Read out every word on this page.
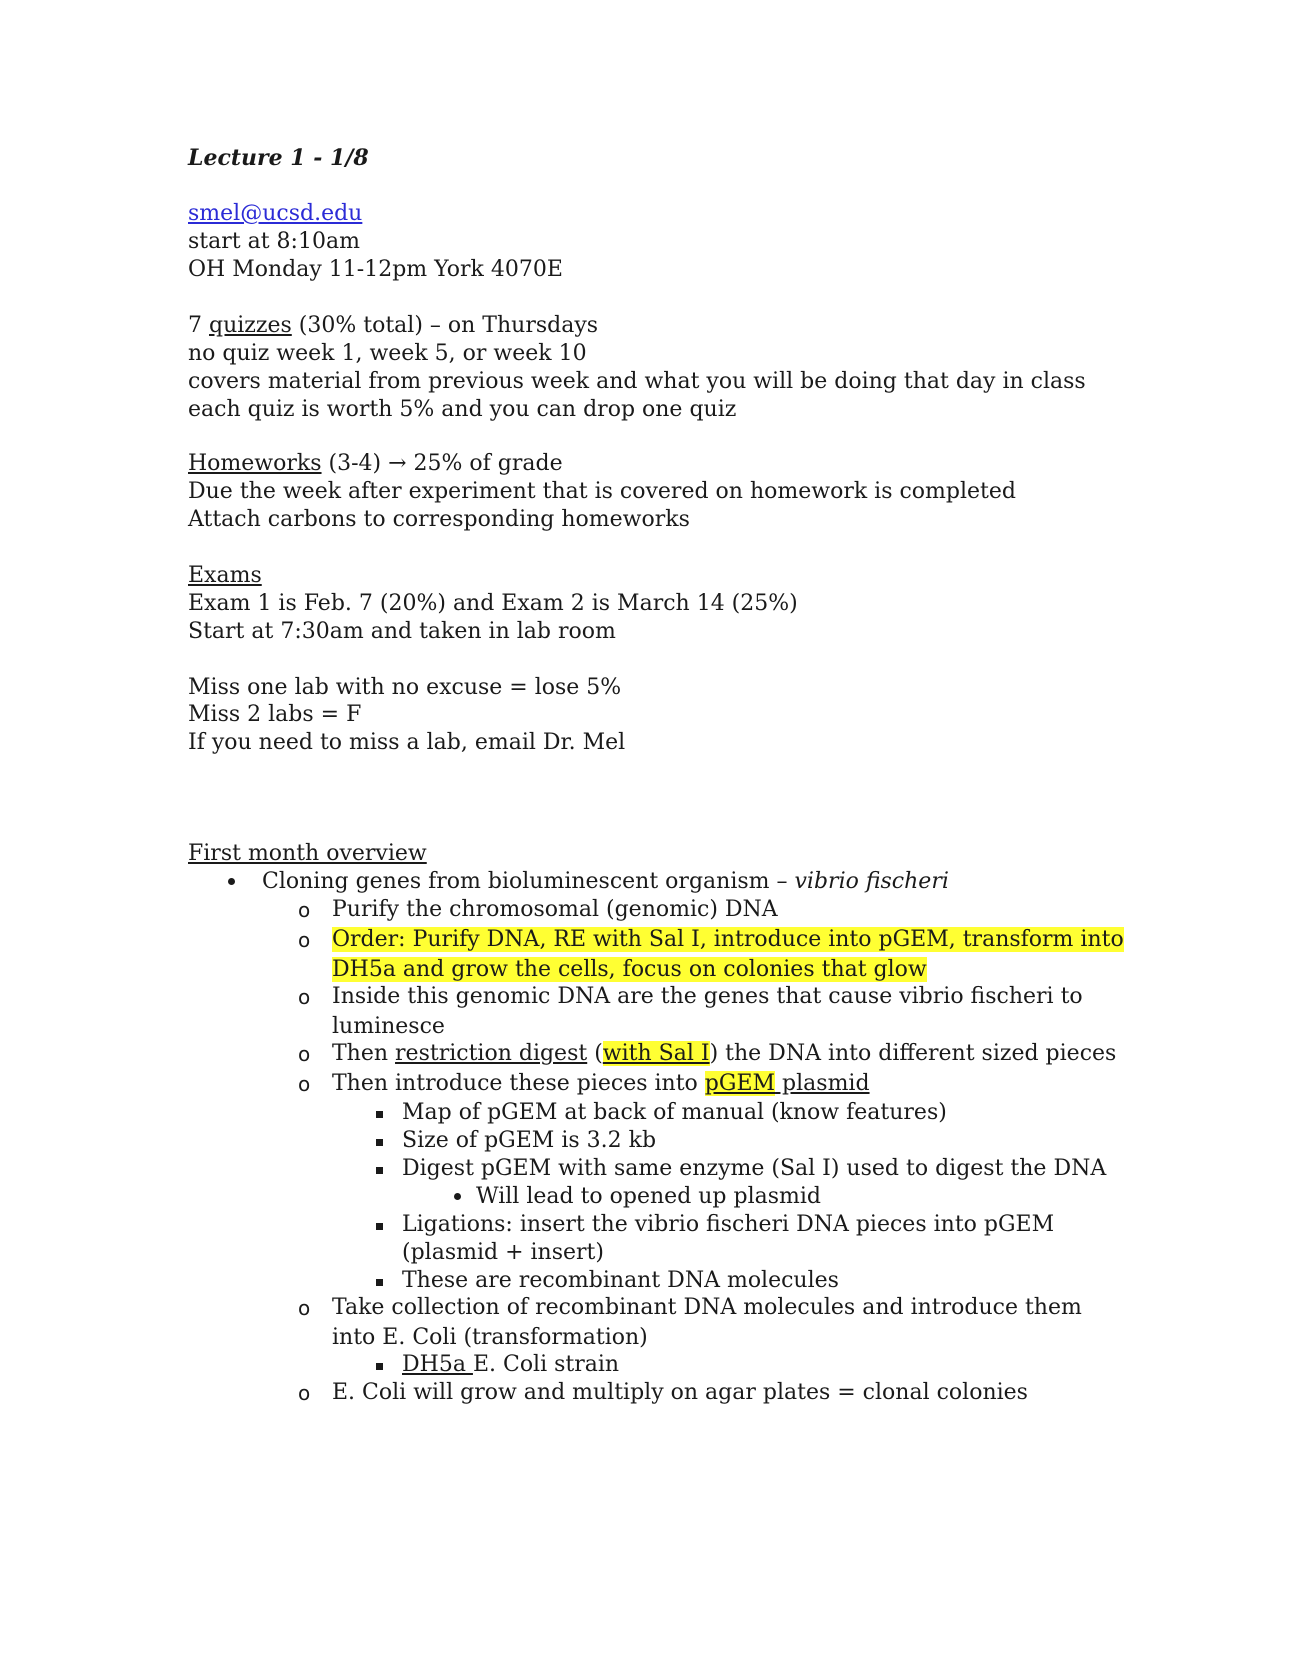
Lecture 1 - 1/8
smel@ucsd.edu
start at 8:10am
OH Monday 11-12pm York 4070E
7 quizzes (30% total) – on Thursdays
no quiz week 1, week 5, or week 10
covers material from previous week and what you will be doing that day in class
each quiz is worth 5% and you can drop one quiz
Homeworks (3-4) → 25% of grade
Due the week after experiment that is covered on homework is completed
Attach carbons to corresponding homeworks
Exams
Exam 1 is Feb. 7 (20%) and Exam 2 is March 14 (25%)
Start at 7:30am and taken in lab room
Miss one lab with no excuse = lose 5%
Miss 2 labs = F
If you need to miss a lab, email Dr. Mel
First month overview
Cloning genes from bioluminescent organism – vibrio fischeri
o Purify the chromosomal (genomic) DNA
o Order: Purify DNA, RE with Sal I, introduce into pGEM, transform into
DH5a and grow the cells, focus on colonies that glow
o Inside this genomic DNA are the genes that cause vibrio fischeri to
luminesce
o Then restriction digest (with Sal I) the DNA into different sized pieces
o Then introduce these pieces into pGEM plasmid
Map of pGEM at back of manual (know features)
Size of pGEM is 3.2 kb
Digest pGEM with same enzyme (Sal I) used to digest the DNA
Will lead to opened up plasmid
Ligations: insert the vibrio fischeri DNA pieces into pGEM
(plasmid + insert)
These are recombinant DNA molecules
o Take collection of recombinant DNA molecules and introduce them
into E. Coli (transformation)
DH5a E. Coli strain
o E. Coli will grow and multiply on agar plates = clonal colonies
